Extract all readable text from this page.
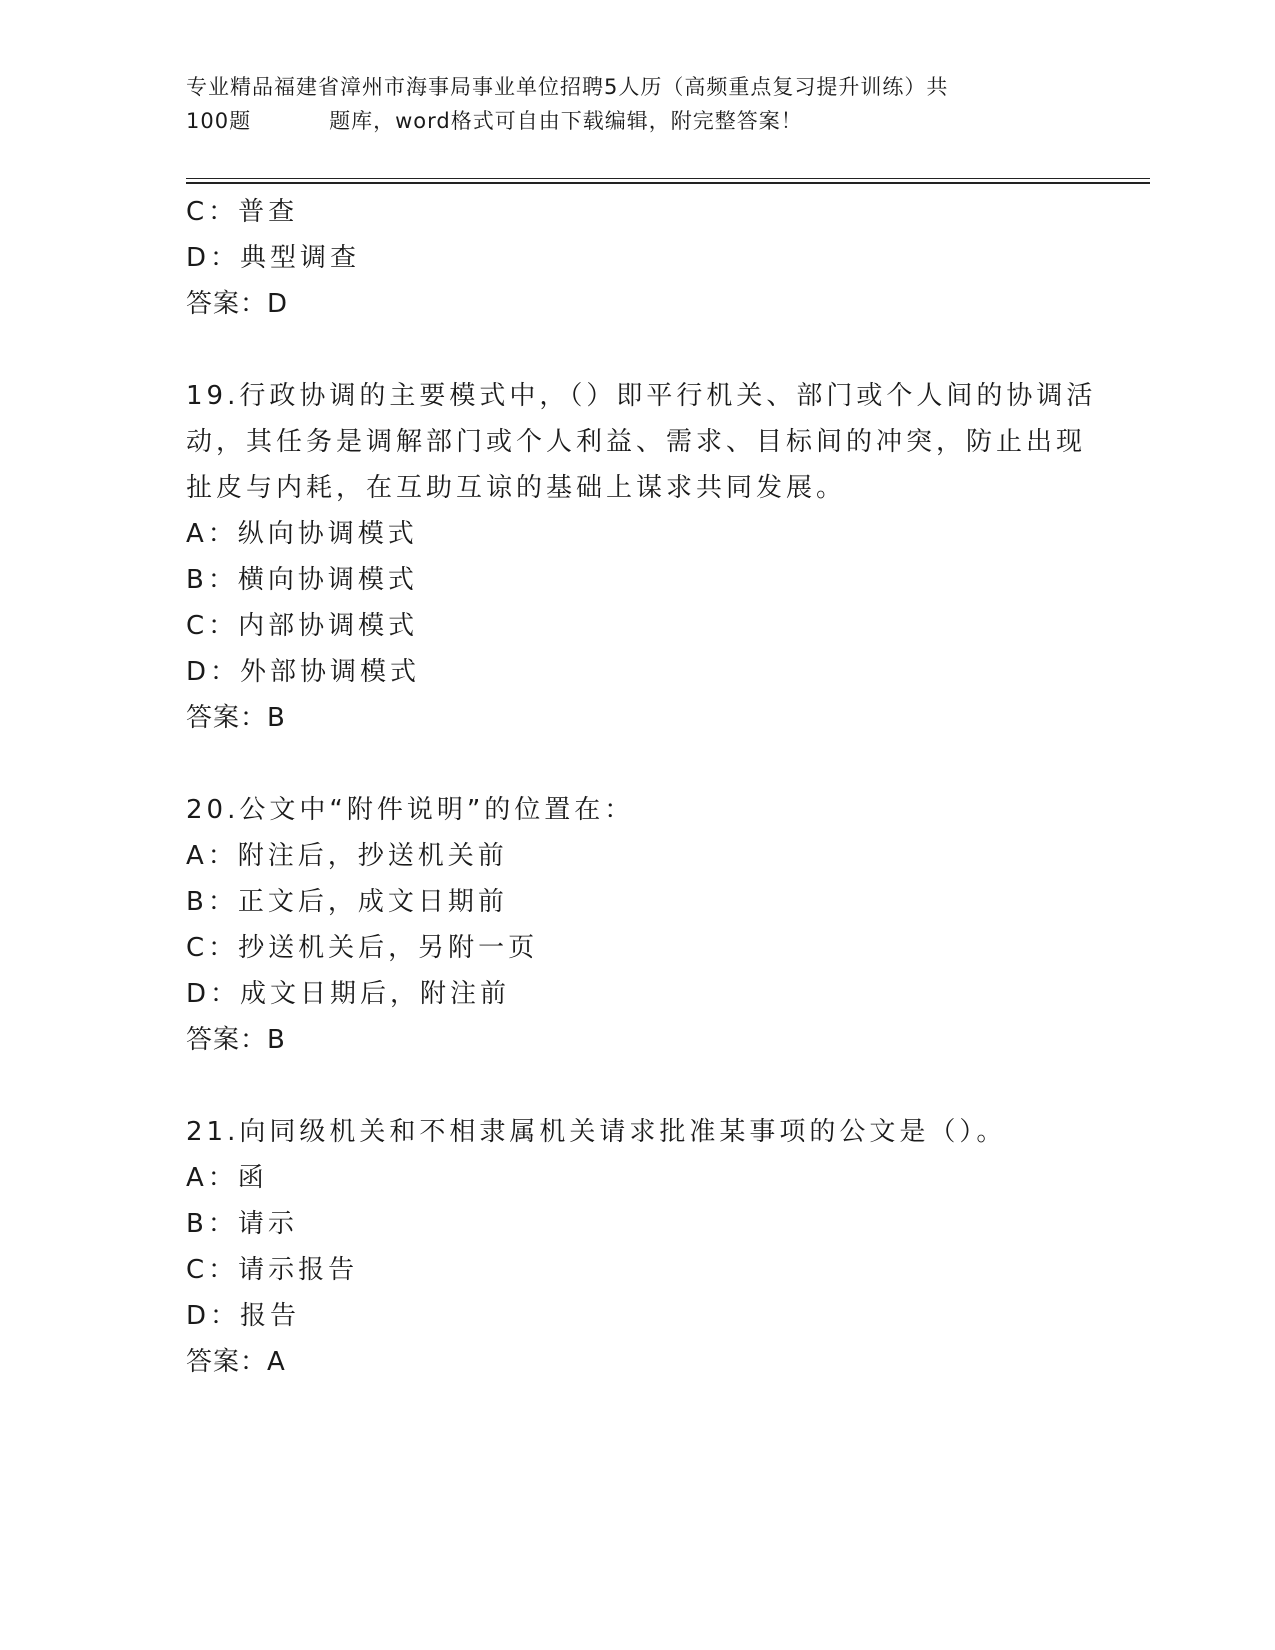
专业精品福建省漳州市海事局事业单位招聘5人历（高频重点复习提升训练）共
100题	题库，word格式可自由下载编辑，附完整答案！
C：普查
D：典型调查
答案：D
19.行政协调的主要模式中，（）即平行机关、部门或个人间的协调活
动，其任务是调解部门或个人利益、需求、目标间的冲突，防止出现
扯皮与内耗，在互助互谅的基础上谋求共同发展。
A：纵向协调模式
B：横向协调模式
C：内部协调模式
D：外部协调模式
答案：B
20.公文中“附件说明”的位置在：
A：附注后，抄送机关前
B：正文后，成文日期前
C：抄送机关后，另附一页
D：成文日期后，附注前
答案：B
21.向同级机关和不相隶属机关请求批准某事项的公文是（）。
A：函
B：请示
C：请示报告
D：报告
答案：A
